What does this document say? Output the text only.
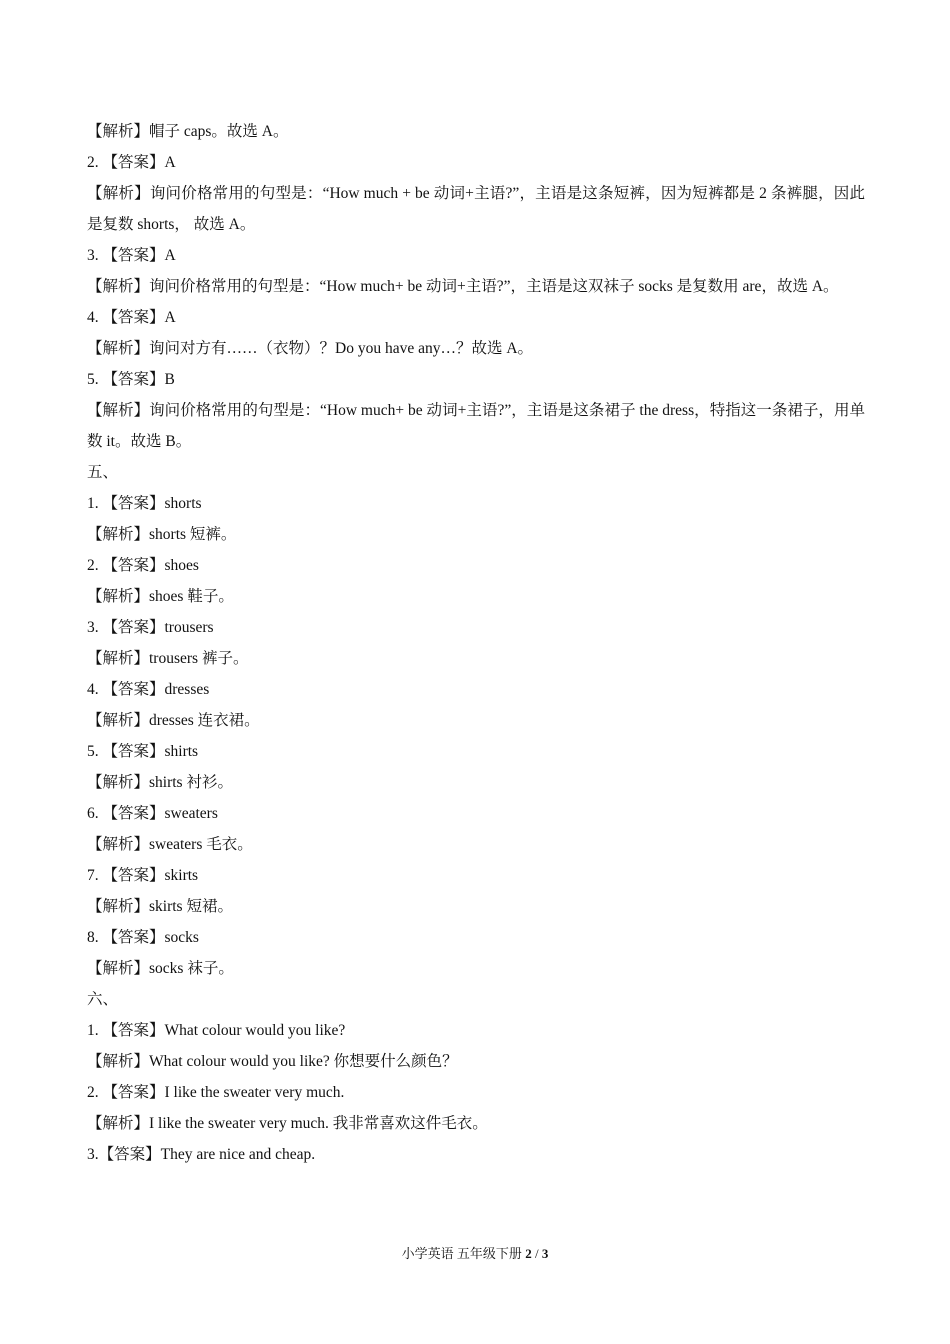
【解析】帽子 caps。故选 A。
2. 【答案】A
【解析】询问价格常用的句型是：“How much + be 动词+主语?”，主语是这条短裤，因为短裤都是 2 条裤腿，因此是复数 shorts， 故选 A。
3. 【答案】A
【解析】询问价格常用的句型是：“How much+ be 动词+主语?”，主语是这双袜子 socks 是复数用 are，故选 A。
4. 【答案】A
【解析】询问对方有……（衣物）？Do you have any…？故选 A。
5. 【答案】B
【解析】询问价格常用的句型是：“How much+ be 动词+主语?”，主语是这条裙子 the dress，特指这一条裙子，用单数 it。故选 B。
五、
1. 【答案】shorts
【解析】shorts 短裤。
2. 【答案】shoes
【解析】shoes 鞋子。
3. 【答案】trousers
【解析】trousers 裤子。
4. 【答案】dresses
【解析】dresses 连衣裙。
5. 【答案】shirts
【解析】shirts 衬衫。
6. 【答案】sweaters
【解析】sweaters 毛衣。
7. 【答案】skirts
【解析】skirts 短裙。
8. 【答案】socks
【解析】socks 袜子。
六、
1. 【答案】What colour would you like?
【解析】What colour would you like? 你想要什么颜色？
2. 【答案】I like the sweater very much.
【解析】I like the sweater very much. 我非常喜欢这件毛衣。
3.【答案】They are nice and cheap.
小学英语 五年级下册 2 / 3
